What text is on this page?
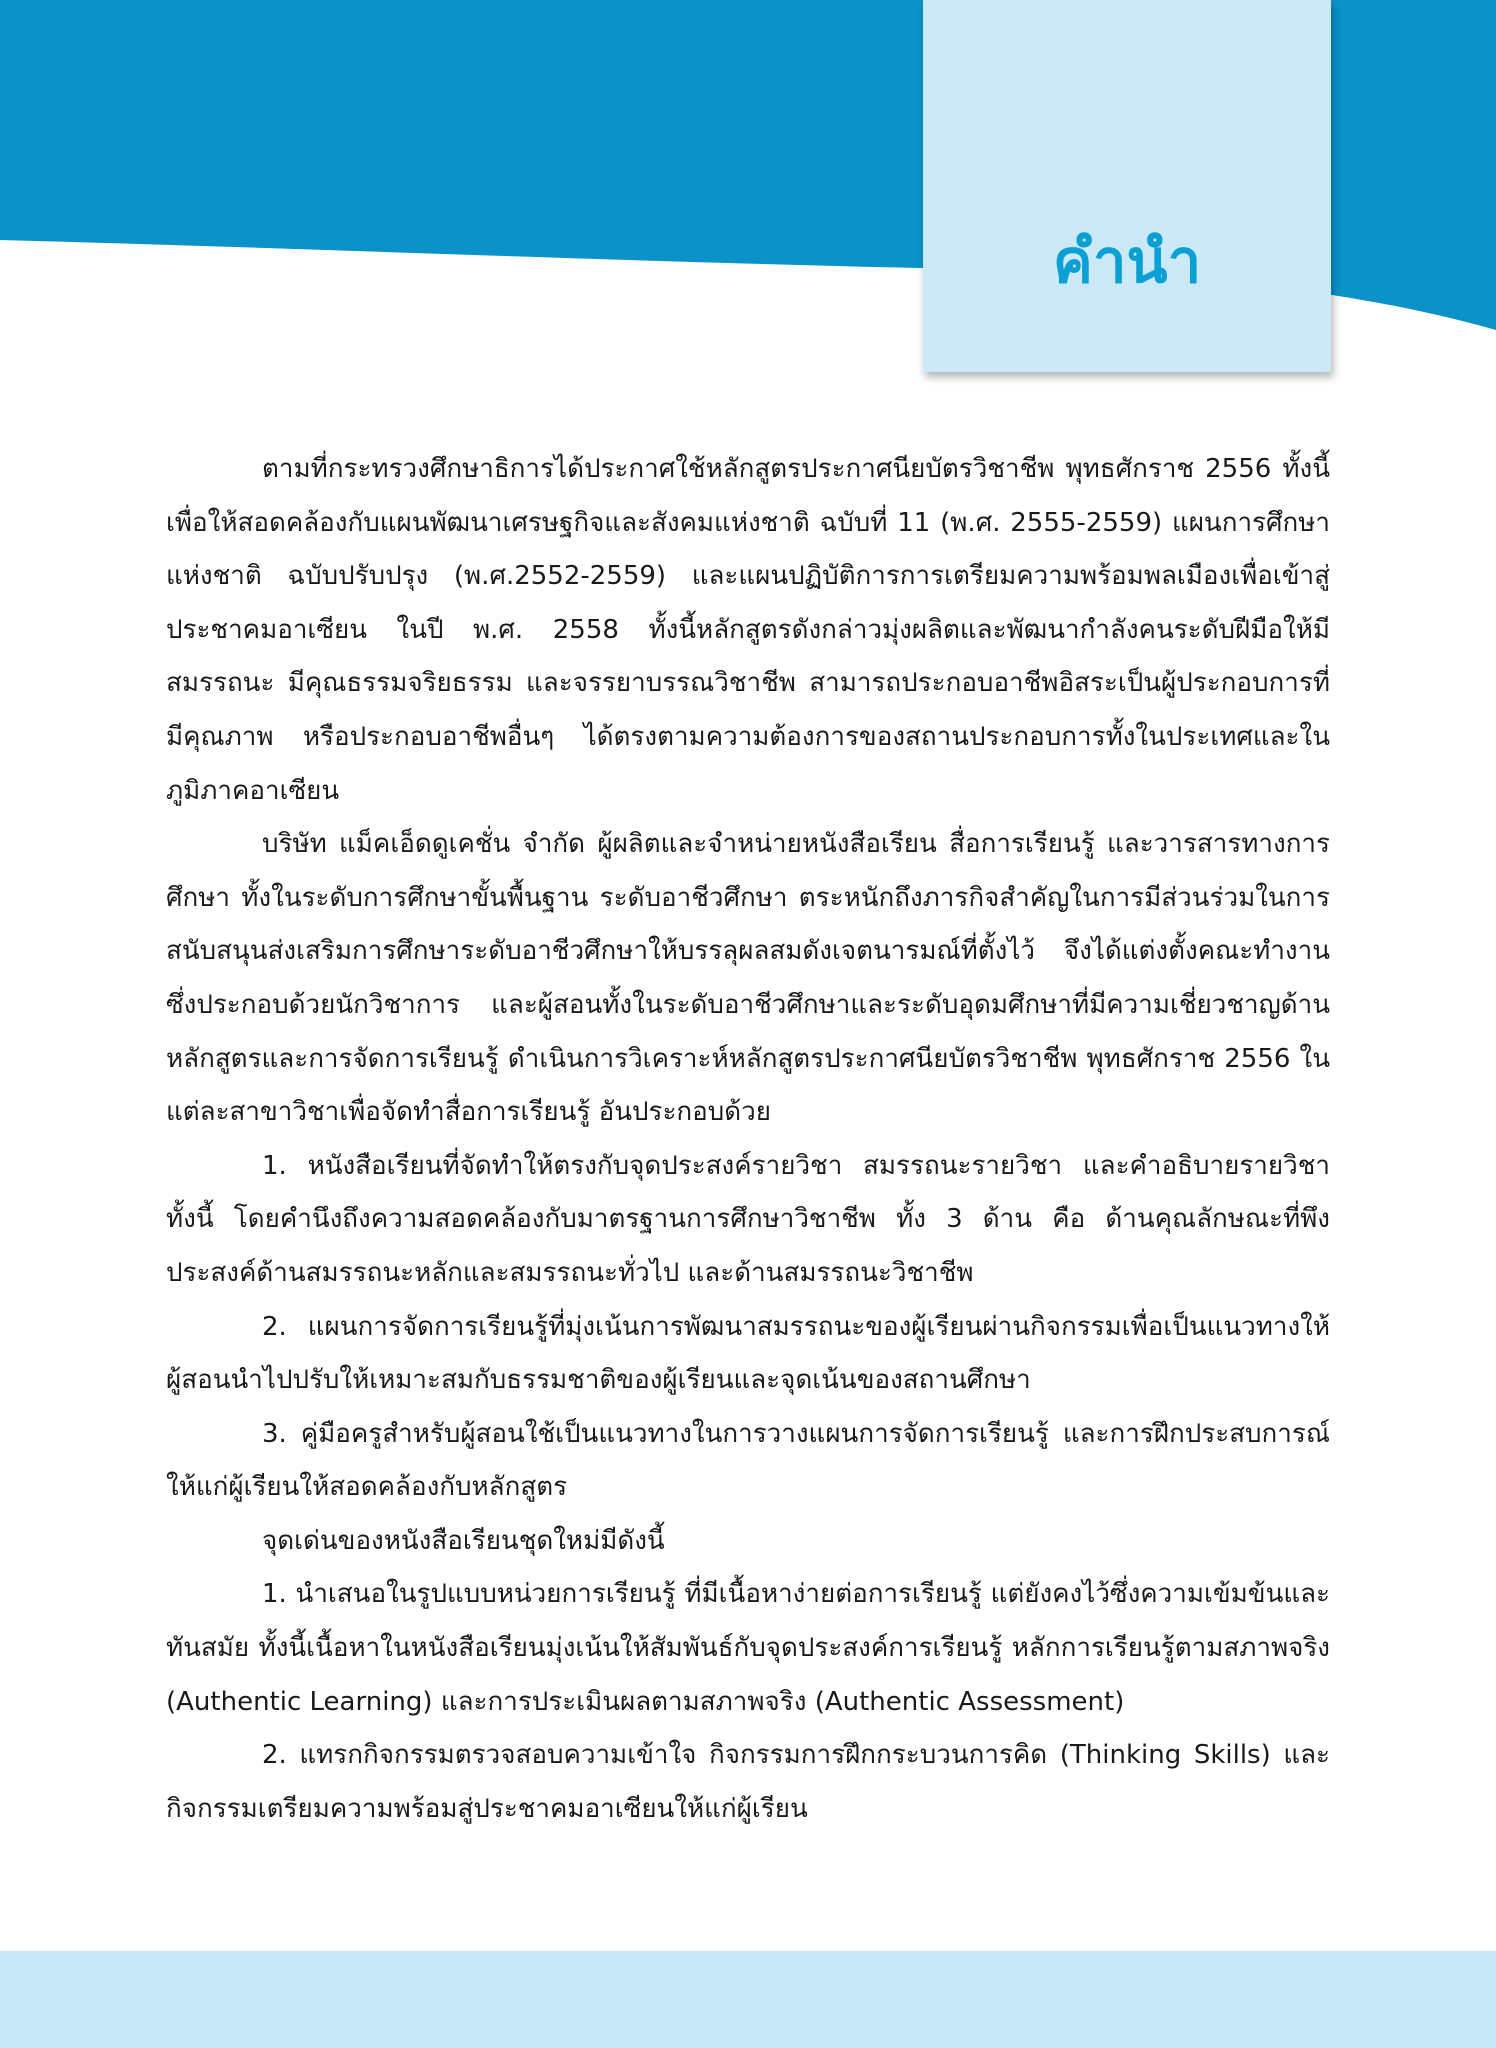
คำนำ

ตามที่กระทรวงศึกษาธิการได้ประกาศใช้หลักสูตรประกาศนียบัตรวิชาชีพ พุทธศักราช 2556 ทั้งนี้เพื่อให้สอดคล้องกับแผนพัฒนาเศรษฐกิจและสังคมแห่งชาติ ฉบับที่ 11 (พ.ศ. 2555-2559) แผนการศึกษาแห่งชาติ ฉบับปรับปรุง (พ.ศ.2552-2559) และแผนปฏิบัติการการเตรียมความพร้อมพลเมืองเพื่อเข้าสู่ประชาคมอาเซียน ในปี พ.ศ. 2558 ทั้งนี้หลักสูตรดังกล่าวมุ่งผลิตและพัฒนากำลังคนระดับฝีมือให้มีสมรรถนะ มีคุณธรรมจริยธรรม และจรรยาบรรณวิชาชีพ สามารถประกอบอาชีพอิสระเป็นผู้ประกอบการที่มีคุณภาพ หรือประกอบอาชีพอื่นๆ ได้ตรงตามความต้องการของสถานประกอบการทั้งในประเทศและในภูมิภาคอาเซียน

บริษัท แม็คเอ็ดดูเคชั่น จำกัด ผู้ผลิตและจำหน่ายหนังสือเรียน สื่อการเรียนรู้ และวารสารทางการศึกษา ทั้งในระดับการศึกษาขั้นพื้นฐาน ระดับอาชีวศึกษา ตระหนักถึงภารกิจสำคัญในการมีส่วนร่วมในการสนับสนุนส่งเสริมการศึกษาระดับอาชีวศึกษาให้บรรลุผลสมดังเจตนารมณ์ที่ตั้งไว้ จึงได้แต่งตั้งคณะทำงานซึ่งประกอบด้วยนักวิชาการ และผู้สอนทั้งในระดับอาชีวศึกษาและระดับอุดมศึกษาที่มีความเชี่ยวชาญด้านหลักสูตรและการจัดการเรียนรู้ ดำเนินการวิเคราะห์หลักสูตรประกาศนียบัตรวิชาชีพ พุทธศักราช 2556 ในแต่ละสาขาวิชาเพื่อจัดทำสื่อการเรียนรู้ อันประกอบด้วย

1. หนังสือเรียนที่จัดทำให้ตรงกับจุดประสงค์รายวิชา สมรรถนะรายวิชา และคำอธิบายรายวิชา ทั้งนี้ โดยคำนึงถึงความสอดคล้องกับมาตรฐานการศึกษาวิชาชีพ ทั้ง 3 ด้าน คือ ด้านคุณลักษณะที่พึงประสงค์ด้านสมรรถนะหลักและสมรรถนะทั่วไป และด้านสมรรถนะวิชาชีพ

2. แผนการจัดการเรียนรู้ที่มุ่งเน้นการพัฒนาสมรรถนะของผู้เรียนผ่านกิจกรรมเพื่อเป็นแนวทางให้ผู้สอนนำไปปรับให้เหมาะสมกับธรรมชาติของผู้เรียนและจุดเน้นของสถานศึกษา

3. คู่มือครูสำหรับผู้สอนใช้เป็นแนวทางในการวางแผนการจัดการเรียนรู้ และการฝึกประสบการณ์ให้แก่ผู้เรียนให้สอดคล้องกับหลักสูตร

จุดเด่นของหนังสือเรียนชุดใหม่มีดังนี้

1. นำเสนอในรูปแบบหน่วยการเรียนรู้ ที่มีเนื้อหาง่ายต่อการเรียนรู้ แต่ยังคงไว้ซึ่งความเข้มข้นและทันสมัย ทั้งนี้เนื้อหาในหนังสือเรียนมุ่งเน้นให้สัมพันธ์กับจุดประสงค์การเรียนรู้ หลักการเรียนรู้ตามสภาพจริง (Authentic Learning) และการประเมินผลตามสภาพจริง (Authentic Assessment)

2. แทรกกิจกรรมตรวจสอบความเข้าใจ กิจกรรมการฝึกกระบวนการคิด (Thinking Skills) และกิจกรรมเตรียมความพร้อมสู่ประชาคมอาเซียนให้แก่ผู้เรียน
